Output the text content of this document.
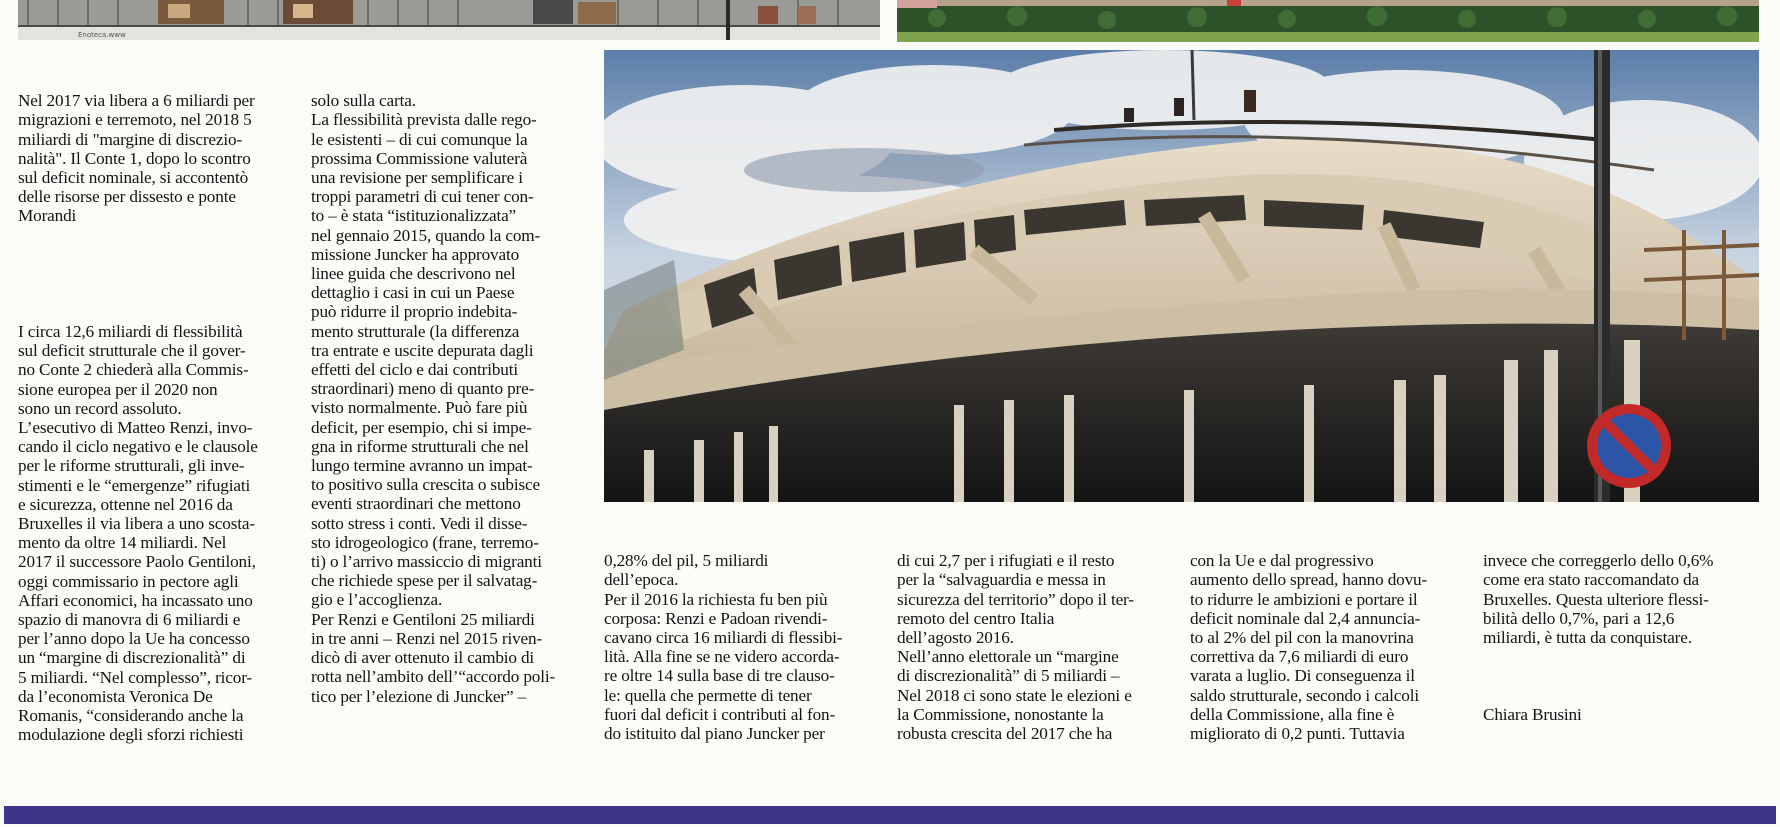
Enoteca.www

Nel 2017 via libera a 6 miliardi per
migrazioni e terremoto, nel 2018 5
miliardi di "margine di discrezio-
nalità". Il Conte 1, dopo lo scontro
sul deficit nominale, si accontentò
delle risorse per dissesto e ponte
Morandi

I circa 12,6 miliardi di flessibilità
sul deficit strutturale che il gover-
no Conte 2 chiederà alla Commis-
sione europea per il 2020 non
sono un record assoluto.
L’esecutivo di Matteo Renzi, invo-
cando il ciclo negativo e le clausole
per le riforme strutturali, gli inve-
stimenti e le “emergenze” rifugiati
e sicurezza, ottenne nel 2016 da
Bruxelles il via libera a uno scosta-
mento da oltre 14 miliardi. Nel
2017 il successore Paolo Gentiloni,
oggi commissario in pectore agli
Affari economici, ha incassato uno
spazio di manovra di 6 miliardi e
per l’anno dopo la Ue ha concesso
un “margine di discrezionalità” di
5 miliardi. “Nel complesso”, ricor-
da l’economista Veronica De
Romanis, “considerando anche la
modulazione degli sforzi richiesti

solo sulla carta.
La flessibilità prevista dalle rego-
le esistenti – di cui comunque la
prossima Commissione valuterà
una revisione per semplificare i
troppi parametri di cui tener con-
to – è stata “istituzionalizzata”
nel gennaio 2015, quando la com-
missione Juncker ha approvato
linee guida che descrivono nel
dettaglio i casi in cui un Paese
può ridurre il proprio indebita-
mento strutturale (la differenza
tra entrate e uscite depurata dagli
effetti del ciclo e dai contributi
straordinari) meno di quanto pre-
visto normalmente. Può fare più
deficit, per esempio, chi si impe-
gna in riforme strutturali che nel
lungo termine avranno un impat-
to positivo sulla crescita o subisce
eventi straordinari che mettono
sotto stress i conti. Vedi il disse-
sto idrogeologico (frane, terremo-
ti) o l’arrivo massiccio di migranti
che richiede spese per il salvatag-
gio e l’accoglienza.
Per Renzi e Gentiloni 25 miliardi
in tre anni – Renzi nel 2015 riven-
dicò di aver ottenuto il cambio di
rotta nell’ambito dell’“accordo poli-
tico per l’elezione di Juncker” –

0,28% del pil, 5 miliardi
dell’epoca.
Per il 2016 la richiesta fu ben più
corposa: Renzi e Padoan rivendi-
cavano circa 16 miliardi di flessibi-
lità. Alla fine se ne videro accorda-
re oltre 14 sulla base di tre clauso-
le: quella che permette di tener
fuori dal deficit i contributi al fon-
do istituito dal piano Juncker per

di cui 2,7 per i rifugiati e il resto
per la “salvaguardia e messa in
sicurezza del territorio” dopo il ter-
remoto del centro Italia
dell’agosto 2016.
Nell’anno elettorale un “margine
di discrezionalità” di 5 miliardi –
Nel 2018 ci sono state le elezioni e
la Commissione, nonostante la
robusta crescita del 2017 che ha

con la Ue e dal progressivo
aumento dello spread, hanno dovu-
to ridurre le ambizioni e portare il
deficit nominale dal 2,4 annuncia-
to al 2% del pil con la manovrina
correttiva da 7,6 miliardi di euro
varata a luglio. Di conseguenza il
saldo strutturale, secondo i calcoli
della Commissione, alla fine è
migliorato di 0,2 punti. Tuttavia

invece che correggerlo dello 0,6%
come era stato raccomandato da
Bruxelles. Questa ulteriore flessi-
bilità dello 0,7%, pari a 12,6
miliardi, è tutta da conquistare.

Chiara Brusini
